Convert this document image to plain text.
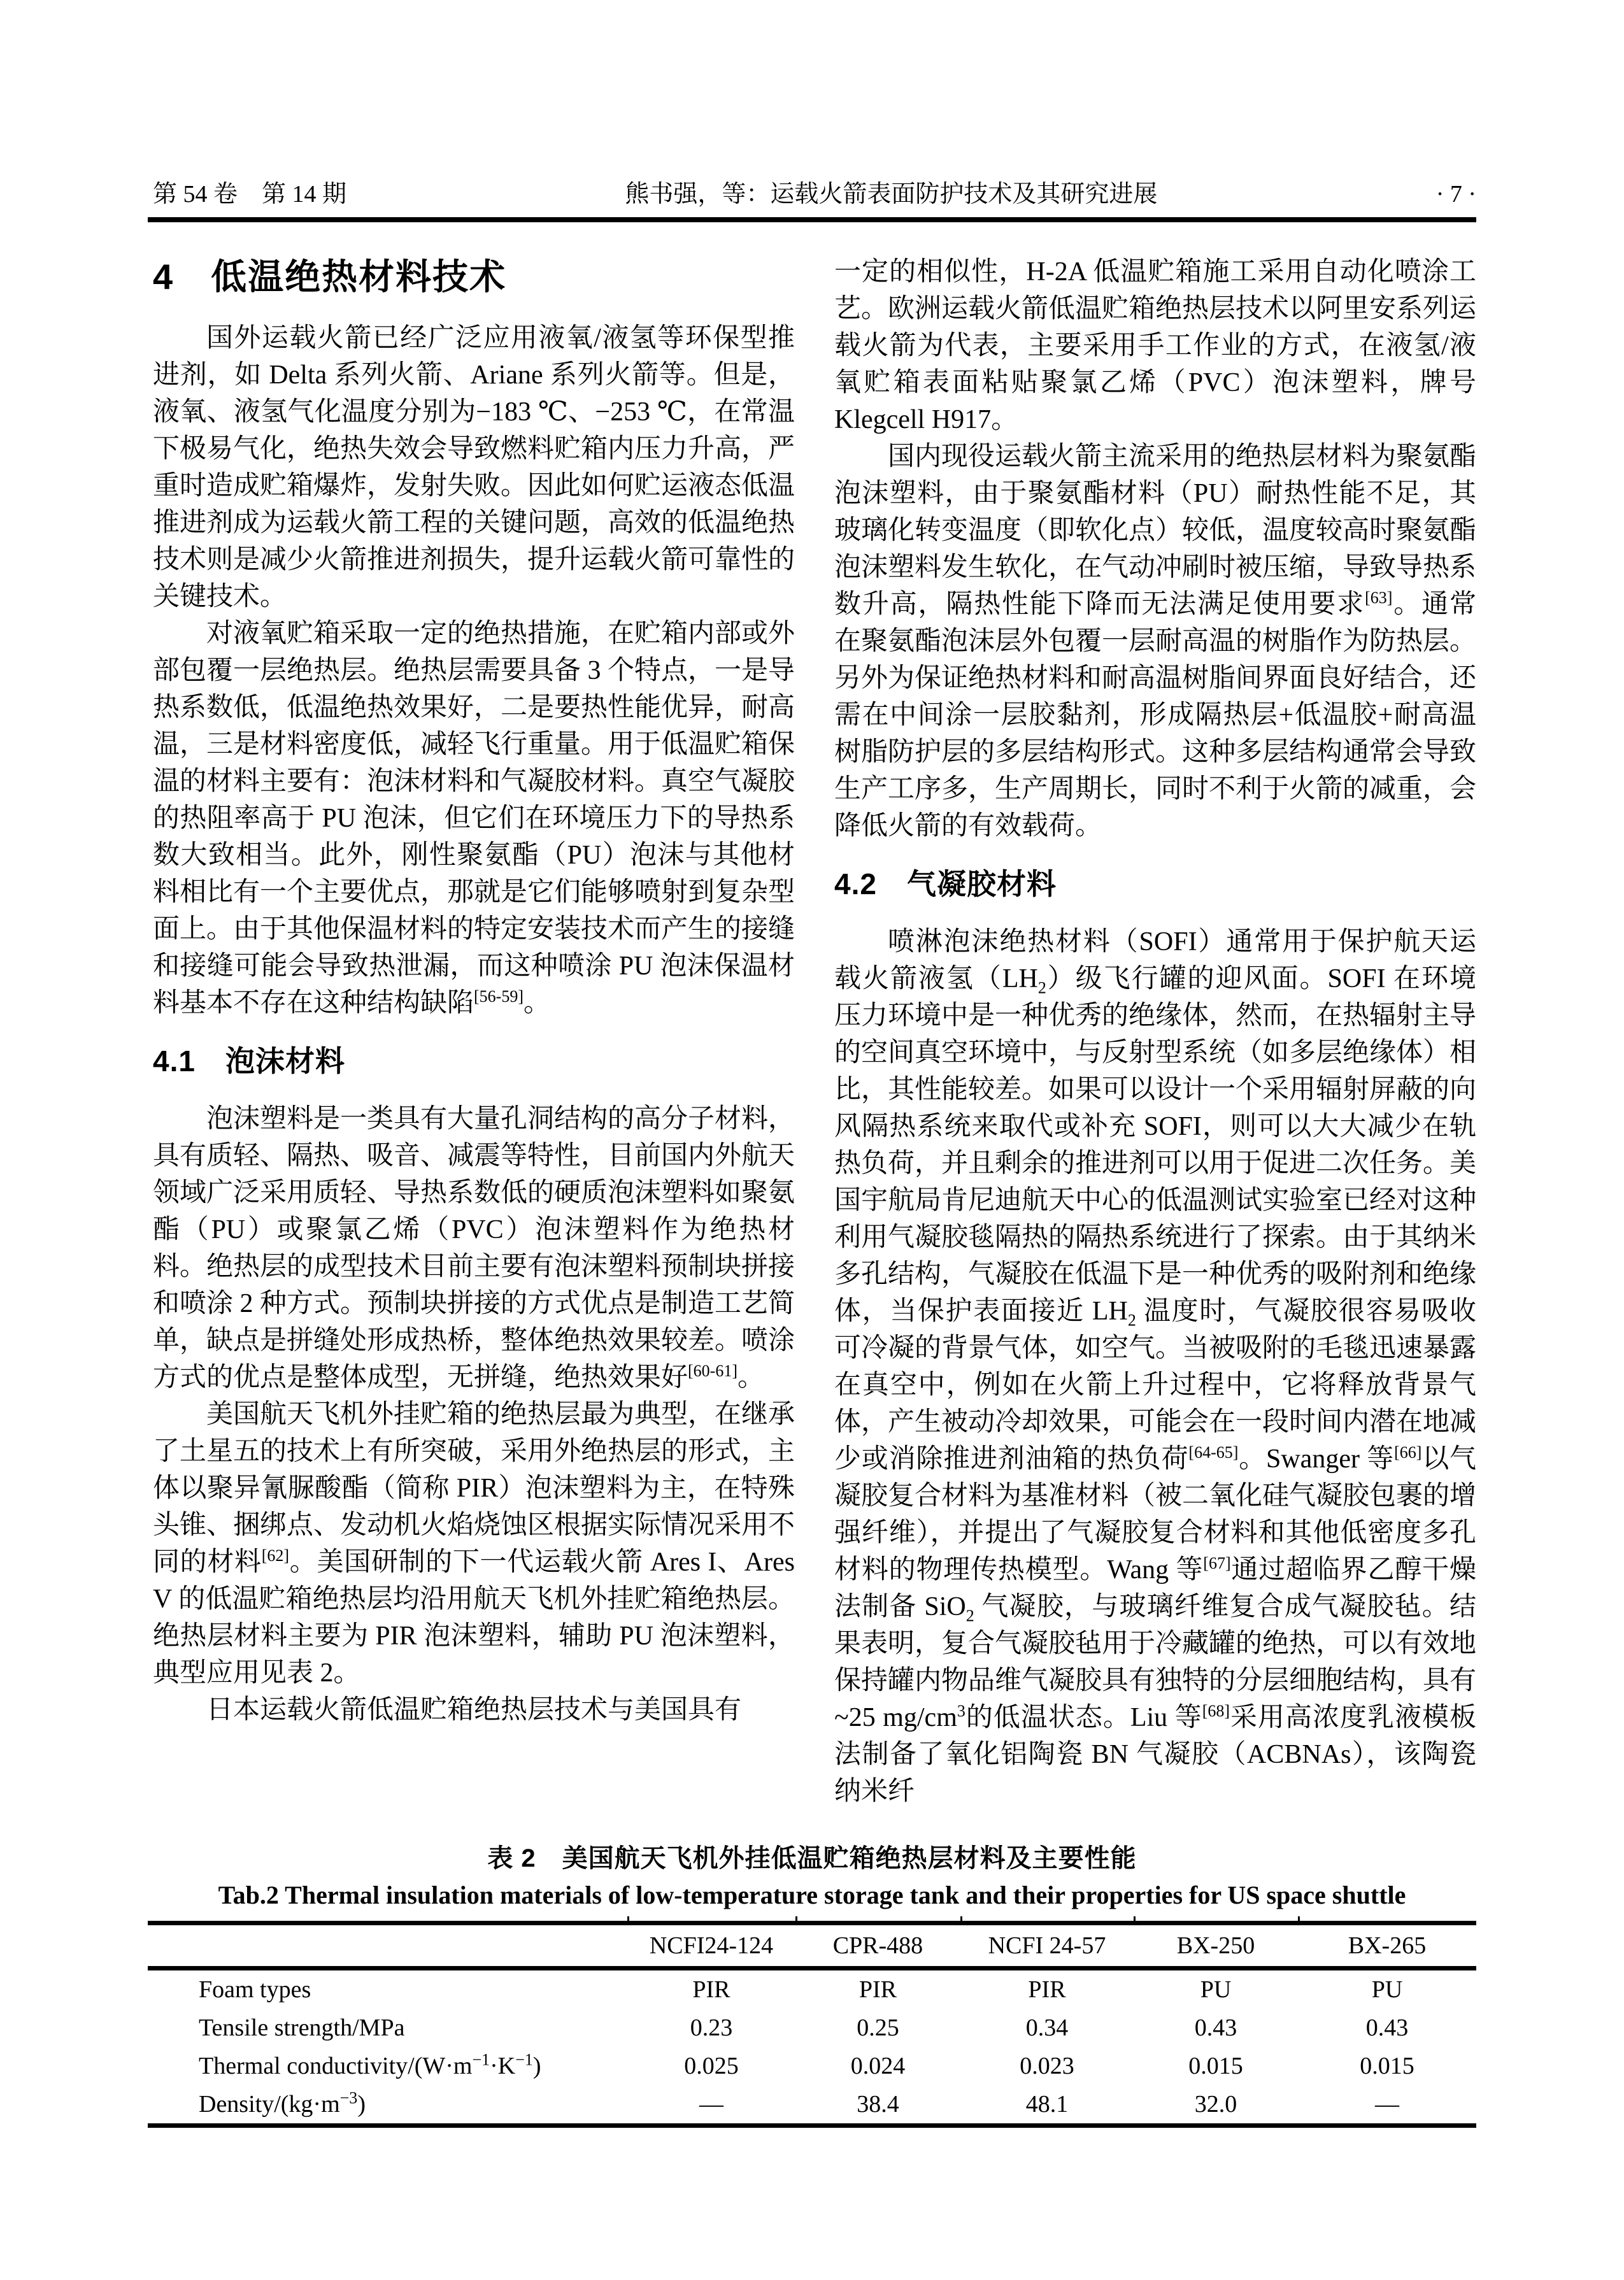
第 54 卷　第 14 期	熊书强，等：运载火箭表面防护技术及其研究进展	· 7 ·
4　低温绝热材料技术

国外运载火箭已经广泛应用液氧/液氢等环保型推进剂，如 Delta 系列火箭、Ariane 系列火箭等。但是，液氧、液氢气化温度分别为−183 ℃、−253 ℃，在常温下极易气化，绝热失效会导致燃料贮箱内压力升高，严重时造成贮箱爆炸，发射失败。因此如何贮运液态低温推进剂成为运载火箭工程的关键问题，高效的低温绝热技术则是减少火箭推进剂损失，提升运载火箭可靠性的关键技术。

对液氧贮箱采取一定的绝热措施，在贮箱内部或外部包覆一层绝热层。绝热层需要具备 3 个特点，一是导热系数低，低温绝热效果好，二是要热性能优异，耐高温，三是材料密度低，减轻飞行重量。用于低温贮箱保温的材料主要有：泡沫材料和气凝胶材料。真空气凝胶的热阻率高于 PU 泡沫，但它们在环境压力下的导热系数大致相当。此外，刚性聚氨酯（PU）泡沫与其他材料相比有一个主要优点，那就是它们能够喷射到复杂型面上。由于其他保温材料的特定安装技术而产生的接缝和接缝可能会导致热泄漏，而这种喷涂 PU 泡沫保温材料基本不存在这种结构缺陷[56-59]。

4.1　泡沫材料

泡沫塑料是一类具有大量孔洞结构的高分子材料，具有质轻、隔热、吸音、减震等特性，目前国内外航天领域广泛采用质轻、导热系数低的硬质泡沫塑料如聚氨酯（PU）或聚氯乙烯（PVC）泡沫塑料作为绝热材料。绝热层的成型技术目前主要有泡沫塑料预制块拼接和喷涂 2 种方式。预制块拼接的方式优点是制造工艺简单，缺点是拼缝处形成热桥，整体绝热效果较差。喷涂方式的优点是整体成型，无拼缝，绝热效果好[60-61]。

美国航天飞机外挂贮箱的绝热层最为典型，在继承了土星五的技术上有所突破，采用外绝热层的形式，主体以聚异氰脲酸酯（简称 PIR）泡沫塑料为主，在特殊头锥、捆绑点、发动机火焰烧蚀区根据实际情况采用不同的材料[62]。美国研制的下一代运载火箭 Ares I、Ares V 的低温贮箱绝热层均沿用航天飞机外挂贮箱绝热层。绝热层材料主要为 PIR 泡沫塑料，辅助 PU 泡沫塑料，典型应用见表 2。

日本运载火箭低温贮箱绝热层技术与美国具有

一定的相似性，H-2A 低温贮箱施工采用自动化喷涂工艺。欧洲运载火箭低温贮箱绝热层技术以阿里安系列运载火箭为代表，主要采用手工作业的方式，在液氢/液氧贮箱表面粘贴聚氯乙烯（PVC）泡沫塑料，牌号 Klegcell H917。

国内现役运载火箭主流采用的绝热层材料为聚氨酯泡沫塑料，由于聚氨酯材料（PU）耐热性能不足，其玻璃化转变温度（即软化点）较低，温度较高时聚氨酯泡沫塑料发生软化，在气动冲刷时被压缩，导致导热系数升高，隔热性能下降而无法满足使用要求[63]。通常在聚氨酯泡沫层外包覆一层耐高温的树脂作为防热层。另外为保证绝热材料和耐高温树脂间界面良好结合，还需在中间涂一层胶黏剂，形成隔热层+低温胶+耐高温树脂防护层的多层结构形式。这种多层结构通常会导致生产工序多，生产周期长，同时不利于火箭的减重，会降低火箭的有效载荷。

4.2　气凝胶材料

喷淋泡沫绝热材料（SOFI）通常用于保护航天运载火箭液氢$(LH_2)$级飞行罐的迎风面。SOFI 在环境压力环境中是一种优秀的绝缘体，然而，在热辐射主导的空间真空环境中，与反射型系统（如多层绝缘体）相比，其性能较差。如果可以设计一个采用辐射屏蔽的向风隔热系统来取代或补充 SOFI，则可以大大减少在轨热负荷，并且剩余的推进剂可以用于促进二次任务。美国宇航局肯尼迪航天中心的低温测试实验室已经对这种利用气凝胶毯隔热的隔热系统进行了探索。由于其纳米多孔结构，气凝胶在低温下是一种优秀的吸附剂和绝缘体，当保护表面接近 $LH_2$ 温度时，气凝胶很容易吸收可冷凝的背景气体，如空气。当被吸附的毛毯迅速暴露在真空中，例如在火箭上升过程中，它将释放背景气体，产生被动冷却效果，可能会在一段时间内潜在地减少或消除推进剂油箱的热负荷[64-65]。Swanger 等[66]以气凝胶复合材料为基准材料（被二氧化硅气凝胶包裹的增强纤维），并提出了气凝胶复合材料和其他低密度多孔材料的物理传热模型。Wang 等[67]通过超临界乙醇干燥法制备 SiO$_2$ 气凝胶，与玻璃纤维复合成气凝胶毡。结果表明，复合气凝胶毡用于冷藏罐的绝热，可以有效地保持罐内物品维气凝胶具有独特的分层细胞结构，具有~25 $mg/cm^3$的低温状态。Liu 等[68]采用高浓度乳液模板法制备了氧化铝陶瓷 BN 气凝胶（ACBNAs），该陶瓷纳米纤

表 2　美国航天飞机外挂低温贮箱绝热层材料及主要性能
Tab.2 Thermal insulation materials of low-temperature storage tank and their properties for US space shuttle
NCFI24-124	CPR-488	NCFI 24-57	BX-250	BX-265
Foam types	PIR	PIR	PIR	PU	PU
Tensile strength/MPa	0.23	0.25	0.34	0.43	0.43
Thermal conductivity/$(W\cdot m^{-1}\cdot K^{-1})$	0.025	0.024	0.023	0.015	0.015
Density/$(kg\cdot m^{-3})$	—	38.4	48.1	32.0	—
